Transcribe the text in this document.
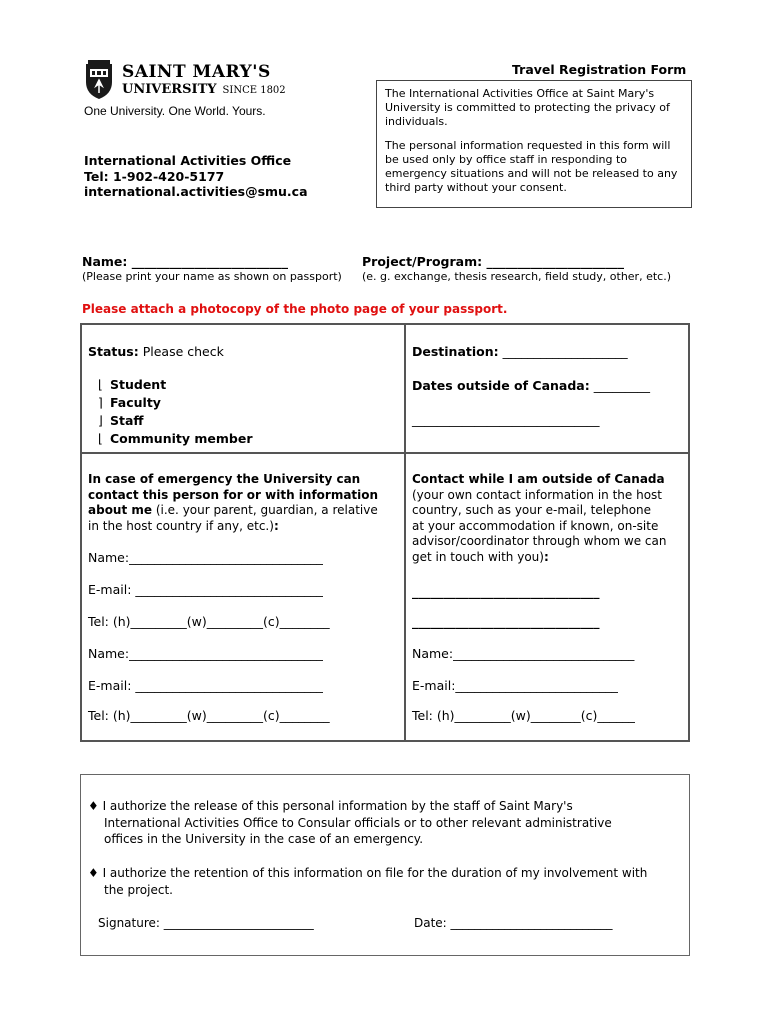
SAINT MARY'S
UNIVERSITY SINCE 1802
One University. One World. Yours.
Travel Registration Form

The International Activities Office at Saint Mary's University is committed to protecting the privacy of individuals.

The personal information requested in this form will be used only by office staff in responding to emergency situations and will not be released to any third party without your consent.

International Activities Office
Tel: 1-902-420-5177
international.activities@smu.ca
Name: _________________________	Project/Program: ______________________
(Please print your name as shown on passport) (e. g. exchange, thesis research, field study, other, etc.)
Please attach a photocopy of the photo page of your passport.
Status: Please check
⌊ Student
⌉ Faculty
⌋ Staff
⌊ Community member
Destination: ____________________
Dates outside of Canada: _________
______________________________
In case of emergency the University can
contact this person for or with information
about me (i.e. your parent, guardian, a relative
in the host country if any, etc.):
Name:_______________________________
E-mail: ______________________________
Tel: (h)_________(w)_________(c)________
Name:_______________________________
E-mail: ______________________________
Tel: (h)_________(w)_________(c)________
Contact while I am outside of Canada
(your own contact information in the host
country, such as your e-mail, telephone
at your accommodation if known, on-site
advisor/coordinator through whom we can
get in touch with you):
______________________________
______________________________
Name:_____________________________
E-mail:__________________________
Tel: (h)_________(w)________(c)______
♦ I authorize the release of this personal information by the staff of Saint Mary's
International Activities Office to Consular officials or to other relevant administrative
offices in the University in the case of an emergency.
♦ I authorize the retention of this information on file for the duration of my involvement with
the project.
Signature: _________________________	Date: ___________________________
